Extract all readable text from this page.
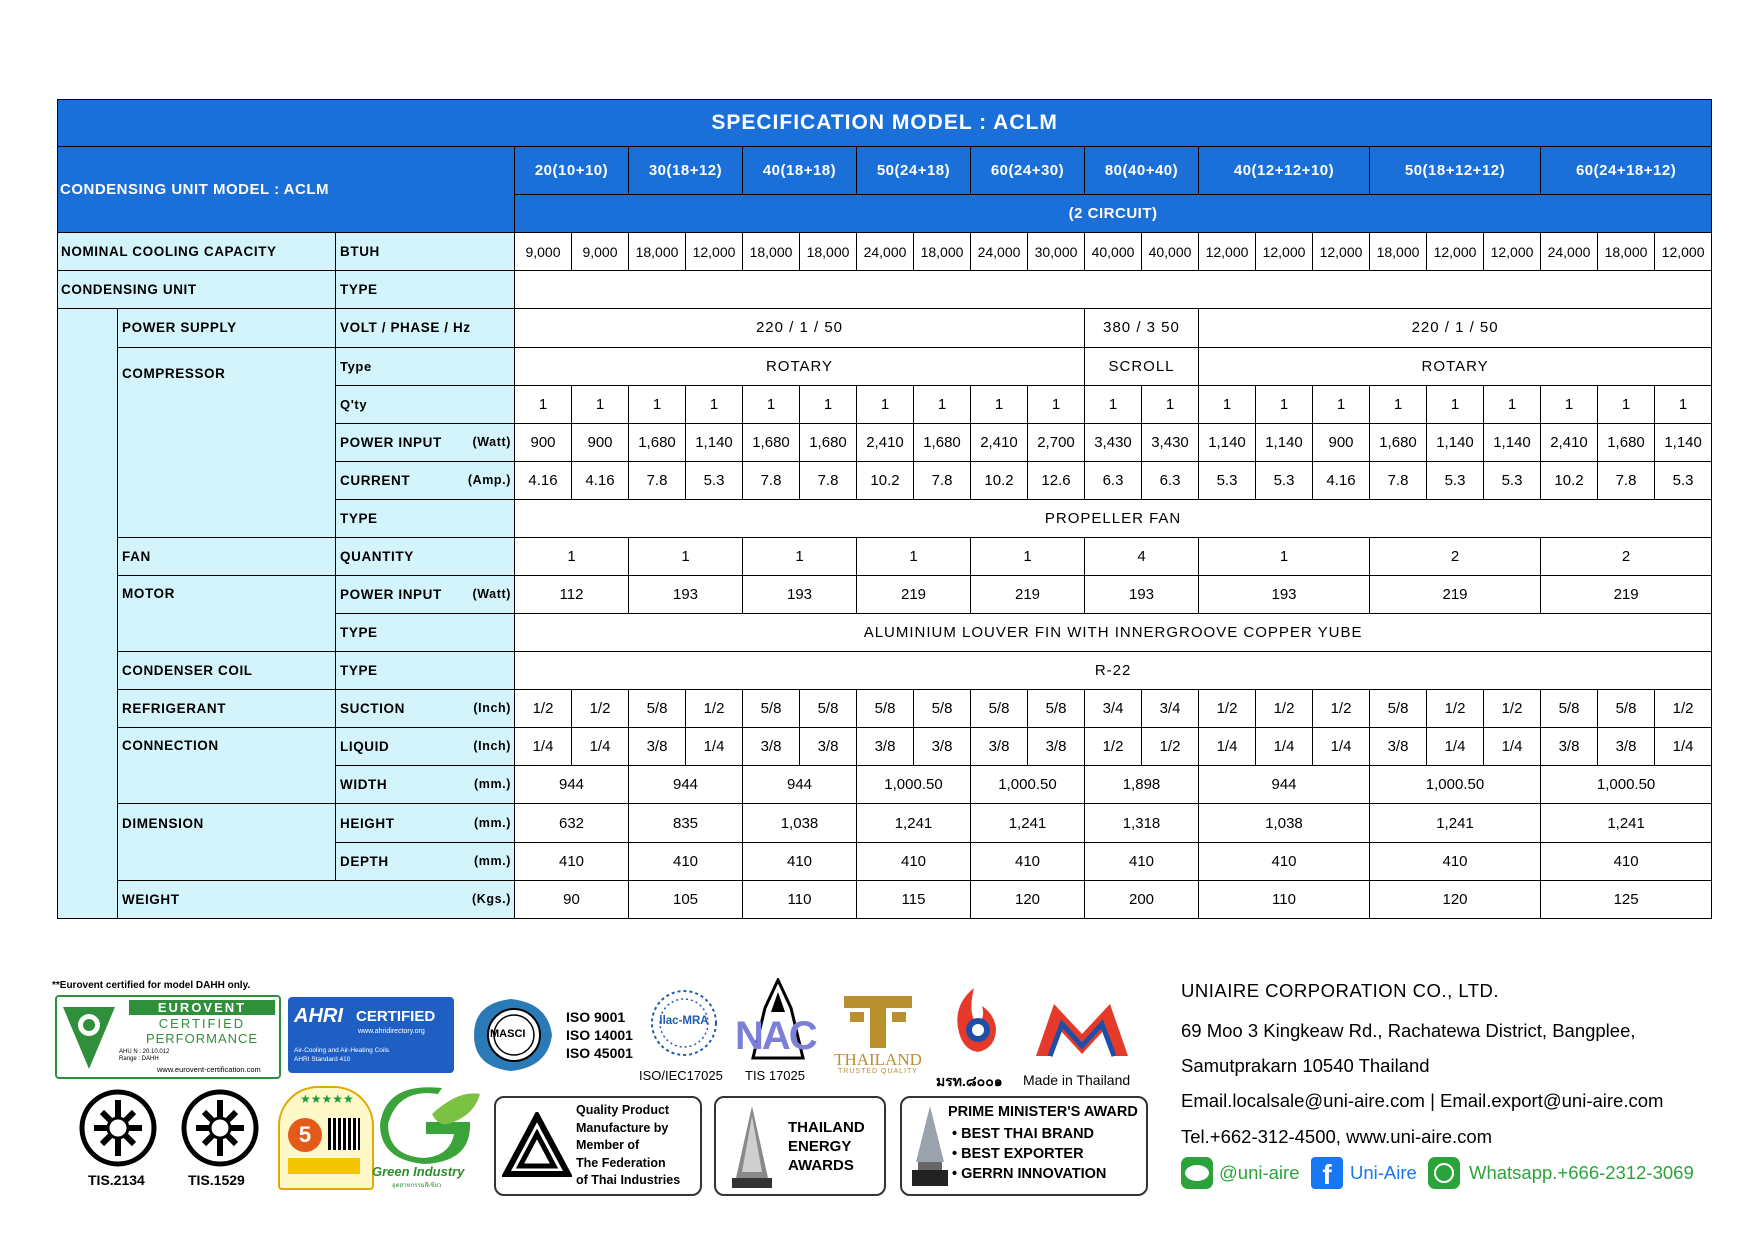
SPECIFICATION MODEL : ACLM																							
CONDENSING UNIT MODEL : ACLM			20(10+10)		30(18+12)		40(18+18)		50(24+18)		60(24+30)		80(40+40)		40(12+12+10)			50(18+12+12)			60(24+18+12)		
			(2 CIRCUIT)																				
NOMINAL COOLING CAPACITY		BTUH	9,000	9,000	18,000	12,000	18,000	18,000	24,000	18,000	24,000	30,000	40,000	40,000	12,000	12,000	12,000	18,000	12,000	12,000	24,000	18,000	12,000
CONDENSING UNIT		TYPE																					
	POWER SUPPLY	VOLT / PHASE / Hz	220 / 1 / 50										380 / 3 50		220 / 1 / 50								
	COMPRESSOR	Type	ROTARY										SCROLL		ROTARY								
		Q'ty	1	1	1	1	1	1	1	1	1	1	1	1	1	1	1	1	1	1	1	1	1
		POWER INPUT (Watt)	900	900	1,680	1,140	1,680	1,680	2,410	1,680	2,410	2,700	3,430	3,430	1,140	1,140	900	1,680	1,140	1,140	2,410	1,680	1,140
		CURRENT (Amp.)	4.16	4.16	7.8	5.3	7.8	7.8	10.2	7.8	10.2	12.6	6.3	6.3	5.3	5.3	4.16	7.8	5.3	5.3	10.2	7.8	5.3
		TYPE	PROPELLER FAN																				
	FAN	QUANTITY	1		1		1		1		1		4		1			2			2		
	MOTOR	POWER INPUT (Watt)	112		193		193		219		219		193		193			219			219		
		TYPE	ALUMINIUM LOUVER FIN WITH INNERGROOVE COPPER YUBE																				
	CONDENSER COIL	TYPE	R-22																				
	REFRIGERANT	SUCTION (Inch)	1/2	1/2	5/8	1/2	5/8	5/8	5/8	5/8	5/8	5/8	3/4	3/4	1/2	1/2	1/2	5/8	1/2	1/2	5/8	5/8	1/2
	CONNECTION	LIQUID (Inch)	1/4	1/4	3/8	1/4	3/8	3/8	3/8	3/8	3/8	3/8	1/2	1/2	1/4	1/4	1/4	3/8	1/4	1/4	3/8	3/8	1/4
		WIDTH (mm.)	944		944		944		1,000.50		1,000.50		1,898		944			1,000.50			1,000.50		
	DIMENSION	HEIGHT (mm.)	632		835		1,038		1,241		1,241		1,318		1,038			1,241			1,241		
		DEPTH (mm.)	410		410		410		410		410		410		410			410			410		
	WEIGHT (Kgs.)		90		105		110		115		120		200		110			120			125		
**Eurovent certified for model DAHH only.
EUROVENT
CERTIFIED
PERFORMANCE
AHU N : 20.10.012
Range : DAHH
www.eurovent-certification.com
AHRI CERTIFIED
www.ahridirectory.org
Air-Cooling and Air-Heating Coils
AHRI Standard 410
MASCI
ISO 9001
ISO 14001
ISO 45001
ilac-MRA
ISO/IEC17025
NAC
TIS 17025
THAILAND
TRUSTED QUALITY
มรท.๘๐๐๑ Made in Thailand
TIS.2134	TIS.1529
★★★★★
5
Green Industry
อุตสาหกรรมสีเขียว
Quality Product
Manufacture by
Member of
The Federation
of Thai Industries
THAILAND
ENERGY
AWARDS
PRIME MINISTER'S AWARD
• BEST THAI BRAND
• BEST EXPORTER
• GERRN INNOVATION
UNIAIRE CORPORATION CO., LTD.
69 Moo 3 Kingkeaw Rd., Rachatewa District, Bangplee,
Samutprakarn 10540 Thailand
Email.localsale@uni-aire.com | Email.export@uni-aire.com
Tel.+662-312-4500, www.uni-aire.com
@uni-aire f Uni-Aire	Whatsapp.+666-2312-3069
